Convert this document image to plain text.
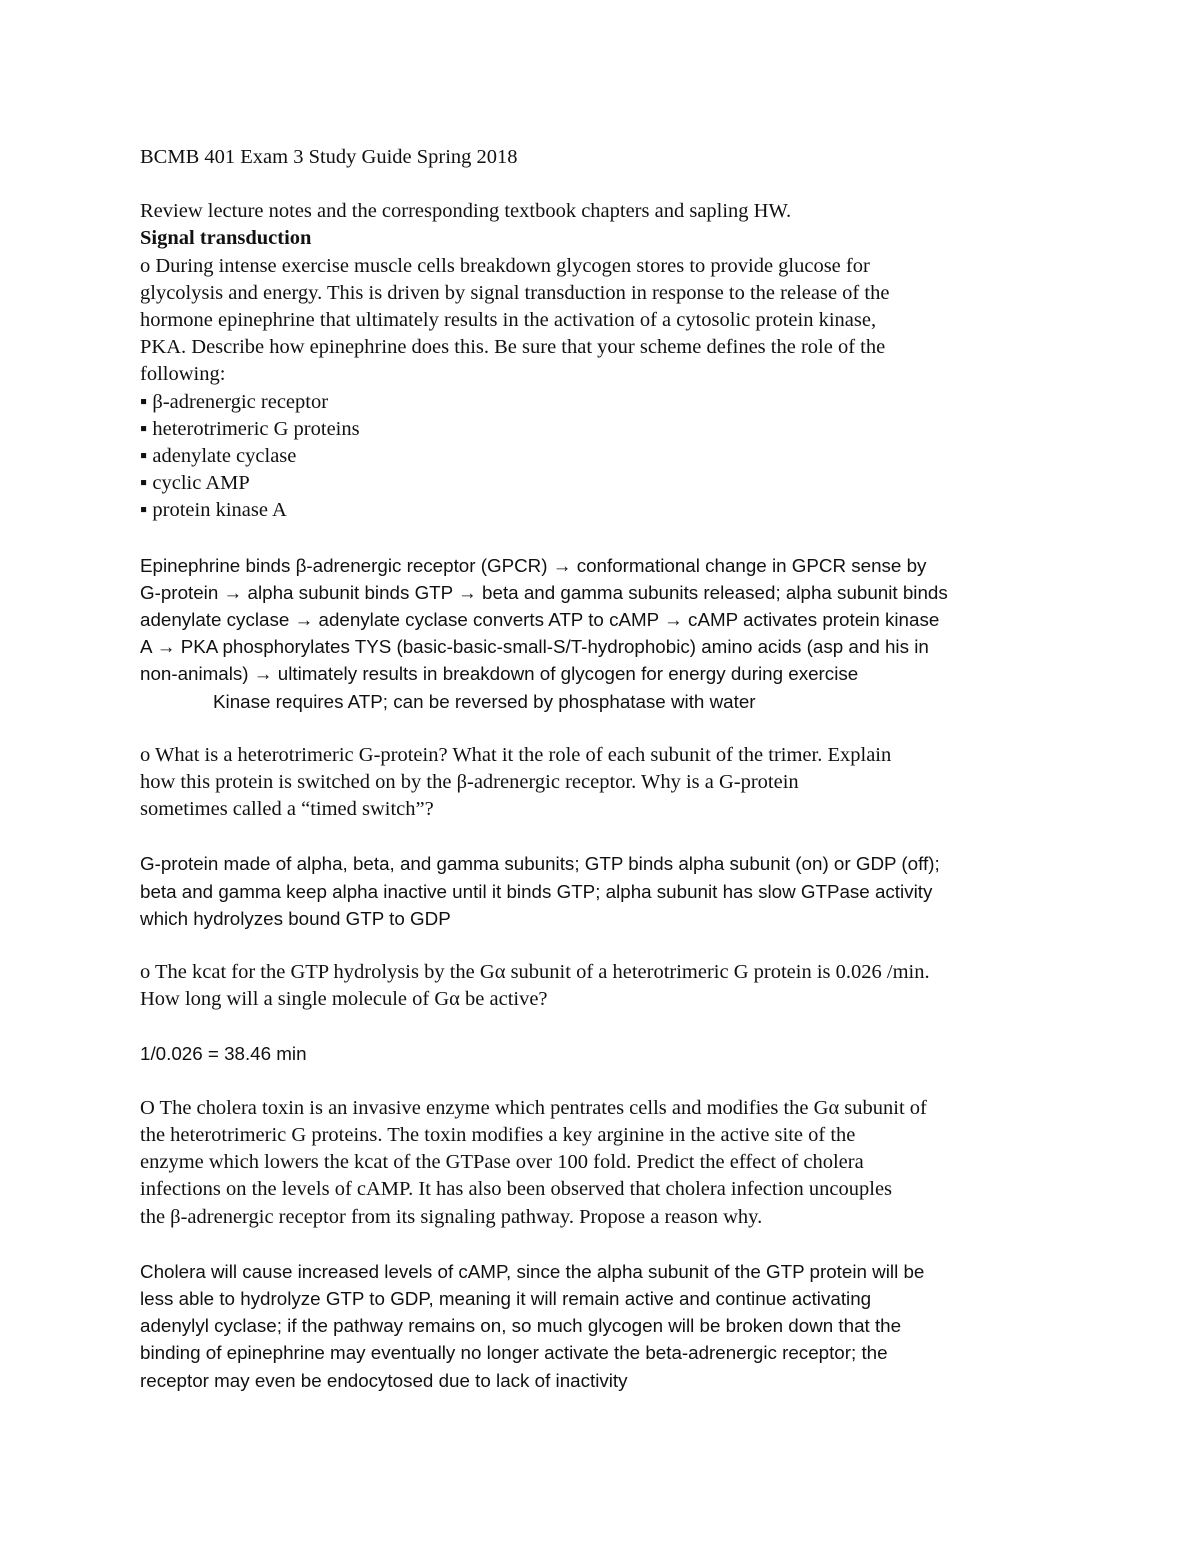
BCMB 401 Exam 3 Study Guide Spring 2018

Review lecture notes and the corresponding textbook chapters and sapling HW.

Signal transduction

o During intense exercise muscle cells breakdown glycogen stores to provide glucose for
glycolysis and energy. This is driven by signal transduction in response to the release of the
hormone epinephrine that ultimately results in the activation of a cytosolic protein kinase,
PKA. Describe how epinephrine does this. Be sure that your scheme defines the role of the
following:
▪ β-adrenergic receptor
▪ heterotrimeric G proteins
▪ adenylate cyclase
▪ cyclic AMP
▪ protein kinase A
Epinephrine binds β-adrenergic receptor (GPCR) → conformational change in GPCR sense by
G-protein → alpha subunit binds GTP → beta and gamma subunits released; alpha subunit binds
adenylate cyclase → adenylate cyclase converts ATP to cAMP → cAMP activates protein kinase
A → PKA phosphorylates TYS (basic-basic-small-S/T-hydrophobic) amino acids (asp and his in
non-animals) → ultimately results in breakdown of glycogen for energy during exercise
Kinase requires ATP; can be reversed by phosphatase with water
o What is a heterotrimeric G-protein? What it the role of each subunit of the trimer. Explain
how this protein is switched on by the β-adrenergic receptor. Why is a G-protein
sometimes called a “timed switch”?
G-protein made of alpha, beta, and gamma subunits; GTP binds alpha subunit (on) or GDP (off);
beta and gamma keep alpha inactive until it binds GTP; alpha subunit has slow GTPase activity
which hydrolyzes bound GTP to GDP
o The kcat for the GTP hydrolysis by the Gα subunit of a heterotrimeric G protein is 0.026 /min.
How long will a single molecule of Gα be active?

1/0.026 = 38.46 min

O The cholera toxin is an invasive enzyme which pentrates cells and modifies the Gα subunit of
the heterotrimeric G proteins. The toxin modifies a key arginine in the active site of the
enzyme which lowers the kcat of the GTPase over 100 fold. Predict the effect of cholera
infections on the levels of cAMP. It has also been observed that cholera infection uncouples
the β-adrenergic receptor from its signaling pathway. Propose a reason why.
Cholera will cause increased levels of cAMP, since the alpha subunit of the GTP protein will be
less able to hydrolyze GTP to GDP, meaning it will remain active and continue activating
adenylyl cyclase; if the pathway remains on, so much glycogen will be broken down that the
binding of epinephrine may eventually no longer activate the beta-adrenergic receptor; the
receptor may even be endocytosed due to lack of inactivity
